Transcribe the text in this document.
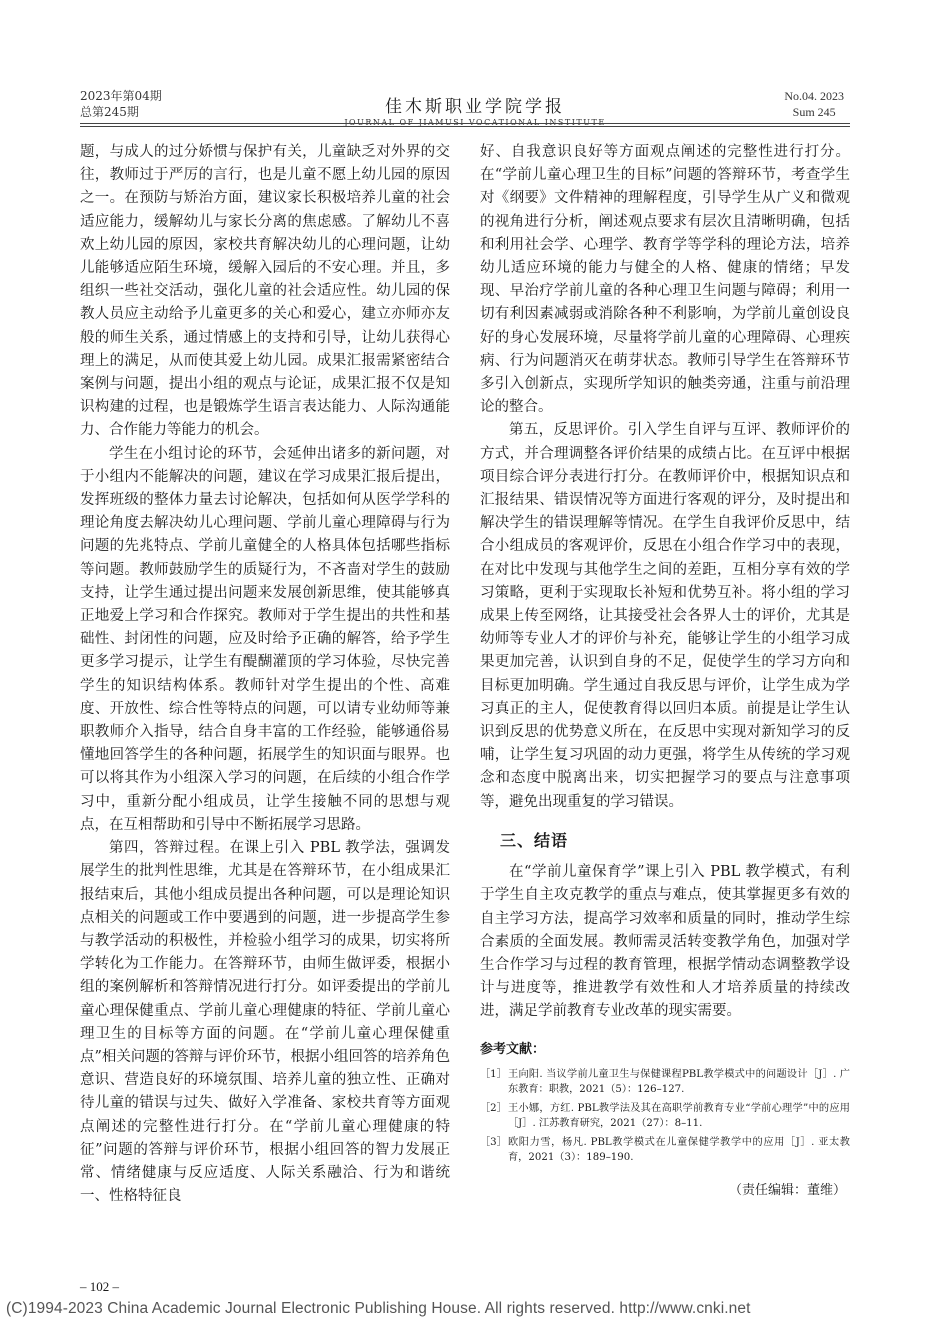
2023年第04期
总第245期	佳木斯职业学院学报
JOURNAL OF JIAMUSI VOCATIONAL INSTITUTE
No.04. 2023
Sum 245

题，与成人的过分娇惯与保护有关，儿童缺乏对外界的交往，教师过于严厉的言行，也是儿童不愿上幼儿园的原因之一。在预防与矫治方面，建议家长积极培养儿童的社会适应能力，缓解幼儿与家长分离的焦虑感。了解幼儿不喜欢上幼儿园的原因，家校共育解决幼儿的心理问题，让幼儿能够适应陌生环境，缓解入园后的不安心理。并且，多组织一些社交活动，强化儿童的社会适应性。幼儿园的保教人员应主动给予儿童更多的关心和爱心，建立亦师亦友般的师生关系，通过情感上的支持和引导，让幼儿获得心理上的满足，从而使其爱上幼儿园。成果汇报需紧密结合案例与问题，提出小组的观点与论证，成果汇报不仅是知识构建的过程，也是锻炼学生语言表达能力、人际沟通能力、合作能力等能力的机会。

学生在小组讨论的环节，会延伸出诸多的新问题，对于小组内不能解决的问题，建议在学习成果汇报后提出，发挥班级的整体力量去讨论解决，包括如何从医学学科的理论角度去解决幼儿心理问题、学前儿童心理障碍与行为问题的先兆特点、学前儿童健全的人格具体包括哪些指标等问题。教师鼓励学生的质疑行为，不吝啬对学生的鼓励支持，让学生通过提出问题来发展创新思维，使其能够真正地爱上学习和合作探究。教师对于学生提出的共性和基础性、封闭性的问题，应及时给予正确的解答，给予学生更多学习提示，让学生有醍醐灌顶的学习体验，尽快完善学生的知识结构体系。教师针对学生提出的个性、高难度、开放性、综合性等特点的问题，可以请专业幼师等兼职教师介入指导，结合自身丰富的工作经验，能够通俗易懂地回答学生的各种问题，拓展学生的知识面与眼界。也可以将其作为小组深入学习的问题，在后续的小组合作学习中，重新分配小组成员，让学生接触不同的思想与观点，在互相帮助和引导中不断拓展学习思路。

第四，答辩过程。在课上引入 PBL 教学法，强调发展学生的批判性思维，尤其是在答辩环节，在小组成果汇报结束后，其他小组成员提出各种问题，可以是理论知识点相关的问题或工作中要遇到的问题，进一步提高学生参与教学活动的积极性，并检验小组学习的成果，切实将所学转化为工作能力。在答辩环节，由师生做评委，根据小组的案例解析和答辩情况进行打分。如评委提出的学前儿童心理保健重点、学前儿童心理健康的特征、学前儿童心理卫生的目标等方面的问题。在“学前儿童心理保健重点”相关问题的答辩与评价环节，根据小组回答的培养角色意识、营造良好的环境氛围、培养儿童的独立性、正确对待儿童的错误与过失、做好入学准备、家校共育等方面观点阐述的完整性进行打分。在“学前儿童心理健康的特征”问题的答辩与评价环节，根据小组回答的智力发展正常、情绪健康与反应适度、人际关系融洽、行为和谐统一、性格特征良

好、自我意识良好等方面观点阐述的完整性进行打分。在“学前儿童心理卫生的目标”问题的答辩环节，考查学生对《纲要》文件精神的理解程度，引导学生从广义和微观的视角进行分析，阐述观点要求有层次且清晰明确，包括和利用社会学、心理学、教育学等学科的理论方法，培养幼儿适应环境的能力与健全的人格、健康的情绪；早发现、早治疗学前儿童的各种心理卫生问题与障碍；利用一切有利因素减弱或消除各种不利影响，为学前儿童创设良好的身心发展环境，尽量将学前儿童的心理障碍、心理疾病、行为问题消灭在萌芽状态。教师引导学生在答辩环节多引入创新点，实现所学知识的触类旁通，注重与前沿理论的整合。

第五，反思评价。引入学生自评与互评、教师评价的方式，并合理调整各评价结果的成绩占比。在互评中根据项目综合评分表进行打分。在教师评价中，根据知识点和汇报结果、错误情况等方面进行客观的评分，及时提出和解决学生的错误理解等情况。在学生自我评价反思中，结合小组成员的客观评价，反思在小组合作学习中的表现，在对比中发现与其他学生之间的差距，互相分享有效的学习策略，更利于实现取长补短和优势互补。将小组的学习成果上传至网络，让其接受社会各界人士的评价，尤其是幼师等专业人才的评价与补充，能够让学生的小组学习成果更加完善，认识到自身的不足，促使学生的学习方向和目标更加明确。学生通过自我反思与评价，让学生成为学习真正的主人，促使教育得以回归本质。前提是让学生认识到反思的优势意义所在，在反思中实现对新知学习的反哺，让学生复习巩固的动力更强，将学生从传统的学习观念和态度中脱离出来，切实把握学习的要点与注意事项等，避免出现重复的学习错误。

三、结语

在“学前儿童保育学”课上引入 PBL 教学模式，有利于学生自主攻克教学的重点与难点，使其掌握更多有效的自主学习方法，提高学习效率和质量的同时，推动学生综合素质的全面发展。教师需灵活转变教学角色，加强对学生合作学习与过程的教育管理，根据学情动态调整教学设计与进度等，推进教学有效性和人才培养质量的持续改进，满足学前教育专业改革的现实需要。

参考文献：

［1］ 王向阳. 当议学前儿童卫生与保健课程PBL教学模式中的问题设计［J］. 广东教育：职教，2021（5）：126–127.

［2］ 王小娜，方红. PBL教学法及其在高职学前教育专业“学前心理学”中的应用［J］. 江苏教育研究，2021（27）：8–11.

［3］ 欧阳力雪，杨凡. PBL教学模式在儿童保健学教学中的应用［J］. 亚太教育，2021（3）：189–190.

（责任编辑：董维）

– 102 –
(C)1994-2023 China Academic Journal Electronic Publishing House. All rights reserved. http://www.cnki.net
